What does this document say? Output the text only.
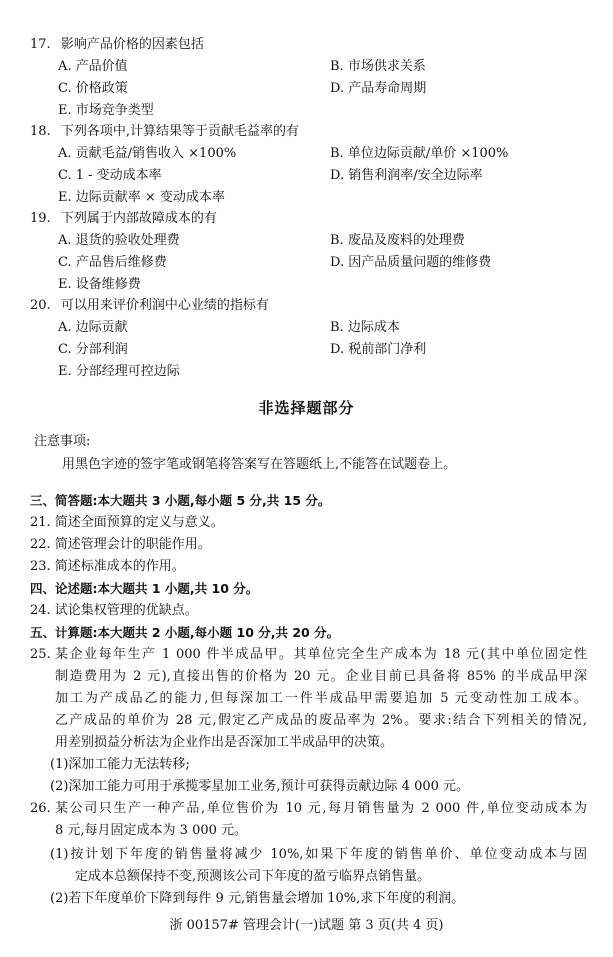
17. 影响产品价格的因素包括
A. 产品价值	B. 市场供求关系
C. 价格政策	D. 产品寿命周期
E. 市场竞争类型
18. 下列各项中,计算结果等于贡献毛益率的有
A. 贡献毛益/销售收入 ×100%	B. 单位边际贡献/单价 ×100%
C. 1 - 变动成本率	D. 销售利润率/安全边际率
E. 边际贡献率 × 变动成本率
19. 下列属于内部故障成本的有
A. 退货的验收处理费	B. 废品及废料的处理费
C. 产品售后维修费	D. 因产品质量问题的维修费
E. 设备维修费
20. 可以用来评价利润中心业绩的指标有
A. 边际贡献	B. 边际成本
C. 分部利润	D. 税前部门净利
E. 分部经理可控边际
非选择题部分
注意事项:
用黑色字迹的签字笔或钢笔将答案写在答题纸上,不能答在试题卷上。
三、简答题:本大题共 3 小题,每小题 5 分,共 15 分。
21. 简述全面预算的定义与意义。
22. 简述管理会计的职能作用。
23. 简述标准成本的作用。
四、论述题:本大题共 1 小题,共 10 分。
24. 试论集权管理的优缺点。
五、计算题:本大题共 2 小题,每小题 10 分,共 20 分。
25. 某企业每年生产 1 000 件半成品甲。其单位完全生产成本为 18 元(其中单位固定性
制造费用为 2 元),直接出售的价格为 20 元。企业目前已具备将 85% 的半成品甲深
加工为产成品乙的能力,但每深加工一件半成品甲需要追加 5 元变动性加工成本。
乙产成品的单价为 28 元,假定乙产成品的废品率为 2%。要求:结合下列相关的情况,
用差别损益分析法为企业作出是否深加工半成品甲的决策。
(1)深加工能力无法转移;
(2)深加工能力可用于承揽零星加工业务,预计可获得贡献边际 4 000 元。
26. 某公司只生产一种产品,单位售价为 10 元,每月销售量为 2 000 件,单位变动成本为
8 元,每月固定成本为 3 000 元。
(1)按计划下年度的销售量将减少 10%,如果下年度的销售单价、单位变动成本与固
定成本总额保持不变,预测该公司下年度的盈亏临界点销售量。
(2)若下年度单价下降到每件 9 元,销售量会增加 10%,求下年度的利润。
浙 00157# 管理会计(一)试题 第 3 页(共 4 页)
